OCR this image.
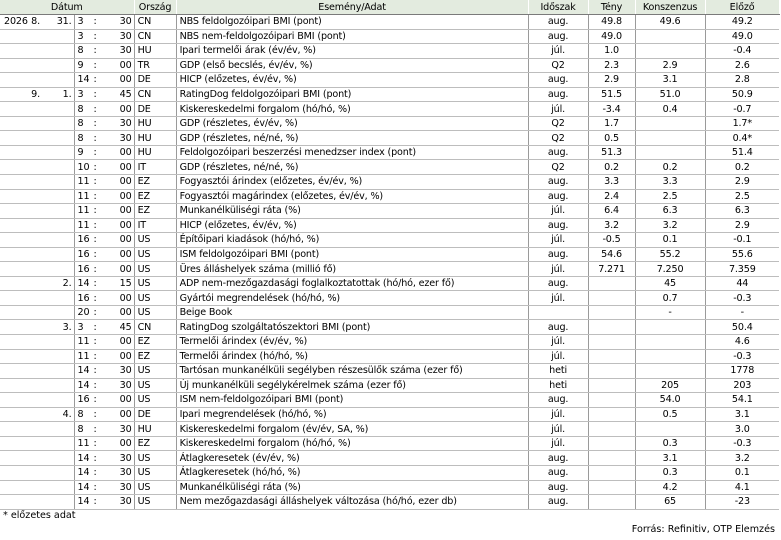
Dátum						Ország	Esemény/Adat	Időszak	Tény	Konszenzus	Előző
2026	8.	31.	3	:	30	CN	NBS feldolgozóipari BMI (pont)	aug.	49.8	49.6	49.2
			3	:	30	CN	NBS nem-feldolgozóipari BMI (pont)	aug.	49.0		49.0
			8	:	30	HU	Ipari termelői árak (év/év, %)	júl.	1.0		-0.4
			9	:	00	TR	GDP (első becslés, év/év, %)	Q2	2.3	2.9	2.6
			14	:	00	DE	HICP (előzetes, év/év, %)	aug.	2.9	3.1	2.8
	9.	1.	3	:	45	CN	RatingDog feldolgozóipari BMI (pont)	aug.	51.5	51.0	50.9
			8	:	00	DE	Kiskereskedelmi forgalom (hó/hó, %)	júl.	-3.4	0.4	-0.7
			8	:	30	HU	GDP (részletes, év/év, %)	Q2	1.7		1.7*
			8	:	30	HU	GDP (részletes, né/né, %)	Q2	0.5		0.4*
			9	:	00	HU	Feldolgozóipari beszerzési menedzser index (pont)	aug.	51.3		51.4
			10	:	00	IT	GDP (részletes, né/né, %)	Q2	0.2	0.2	0.2
			11	:	00	EZ	Fogyasztói árindex (előzetes, év/év, %)	aug.	3.3	3.3	2.9
			11	:	00	EZ	Fogyasztói magárindex (előzetes, év/év, %)	aug.	2.4	2.5	2.5
			11	:	00	EZ	Munkanélküliségi ráta (%)	júl.	6.4	6.3	6.3
			11	:	00	IT	HICP (előzetes, év/év, %)	aug.	3.2	3.2	2.9
			16	:	00	US	Építőipari kiadások (hó/hó, %)	júl.	-0.5	0.1	-0.1
			16	:	00	US	ISM feldolgozóipari BMI (pont)	aug.	54.6	55.2	55.6
			16	:	00	US	Üres álláshelyek száma (millió fő)	júl.	7.271	7.250	7.359
		2.	14	:	15	US	ADP nem-mezőgazdasági foglalkoztatottak (hó/hó, ezer fő)	aug.		45	44
			16	:	00	US	Gyártói megrendelések (hó/hó, %)	júl.		0.7	-0.3
			20	:	00	US	Beige Book			-	-
		3.	3	:	45	CN	RatingDog szolgáltatószektori BMI (pont)	aug.			50.4
			11	:	00	EZ	Termelői árindex (év/év, %)	júl.			4.6
			11	:	00	EZ	Termelői árindex (hó/hó, %)	júl.			-0.3
			14	:	30	US	Tartósan munkanélküli segélyben részesülők száma (ezer fő)	heti			1778
			14	:	30	US	Új munkanélküli segélykérelmek száma (ezer fő)	heti		205	203
			16	:	00	US	ISM nem-feldolgozóipari BMI (pont)	aug.		54.0	54.1
		4.	8	:	00	DE	Ipari megrendelések (hó/hó, %)	júl.		0.5	3.1
			8	:	30	HU	Kiskereskedelmi forgalom (év/év, SA, %)	júl.			3.0
			11	:	00	EZ	Kiskereskedelmi forgalom (hó/hó, %)	júl.		0.3	-0.3
			14	:	30	US	Átlagkeresetek (év/év, %)	aug.		3.1	3.2
			14	:	30	US	Átlagkeresetek (hó/hó, %)	aug.		0.3	0.1
			14	:	30	US	Munkanélküliségi ráta (%)	aug.		4.2	4.1
			14	:	30	US	Nem mezőgazdasági álláshelyek változása (hó/hó, ezer db)	aug.		65	-23
* előzetes adat
Forrás: Refinitiv, OTP Elemzés
